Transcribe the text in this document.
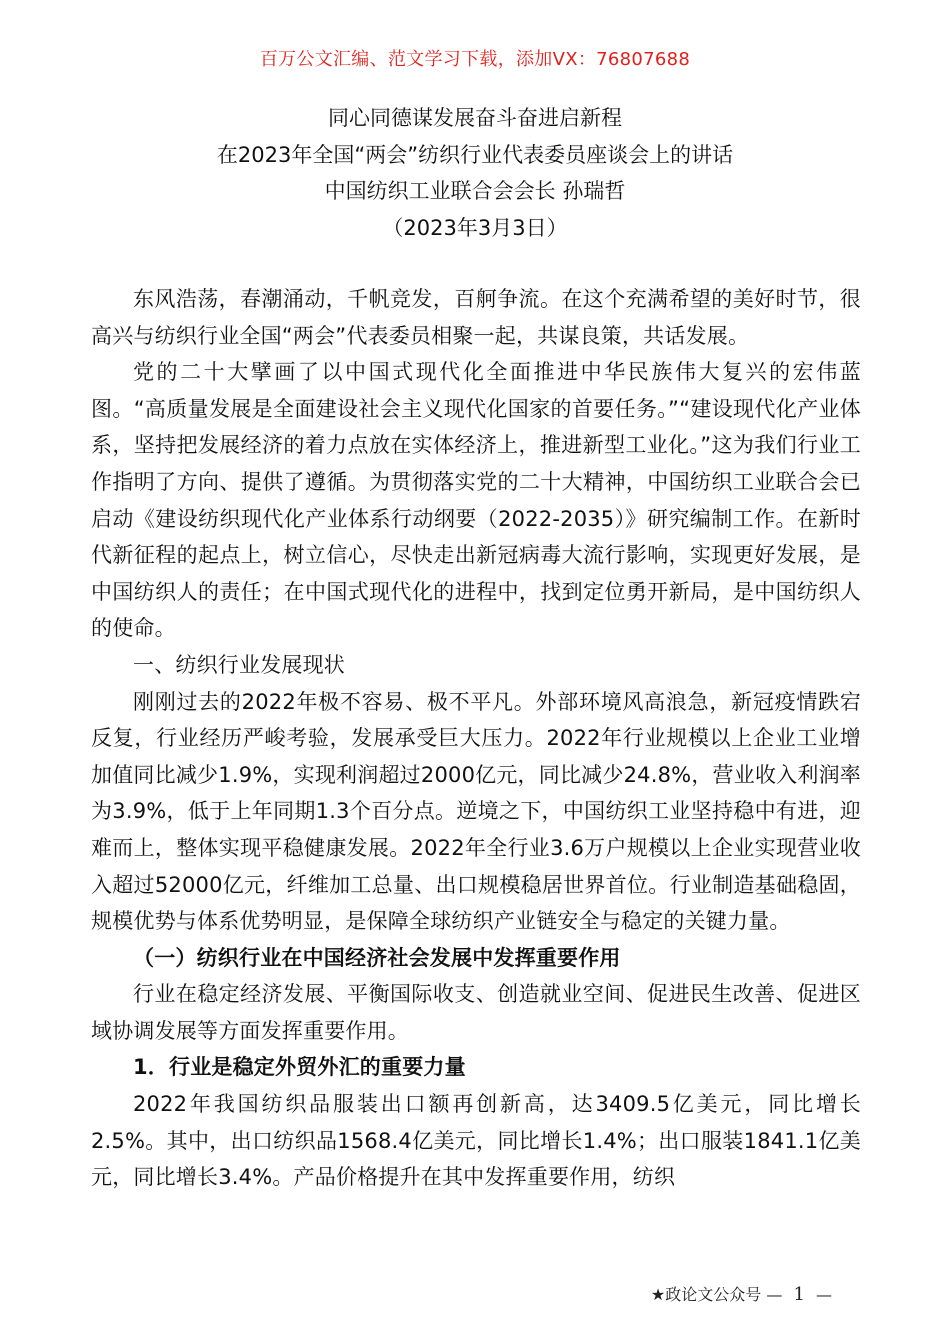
百万公文汇编、范文学习下载，添加VX：76807688
同心同德谋发展奋斗奋进启新程
在2023年全国“两会”纺织行业代表委员座谈会上的讲话
中国纺织工业联合会会长 孙瑞哲
（2023年3月3日）

东风浩荡，春潮涌动，千帆竞发，百舸争流。在这个充满希望的美好时节，很高兴与纺织行业全国“两会”代表委员相聚一起，共谋良策，共话发展。

党的二十大擘画了以中国式现代化全面推进中华民族伟大复兴的宏伟蓝图。“高质量发展是全面建设社会主义现代化国家的首要任务。”“建设现代化产业体系，坚持把发展经济的着力点放在实体经济上，推进新型工业化。”这为我们行业工作指明了方向、提供了遵循。为贯彻落实党的二十大精神，中国纺织工业联合会已启动《建设纺织现代化产业体系行动纲要（2022-2035）》研究编制工作。在新时代新征程的起点上，树立信心，尽快走出新冠病毒大流行影响，实现更好发展，是中国纺织人的责任；在中国式现代化的进程中，找到定位勇开新局，是中国纺织人的使命。

一、纺织行业发展现状

刚刚过去的2022年极不容易、极不平凡。外部环境风高浪急，新冠疫情跌宕反复，行业经历严峻考验，发展承受巨大压力。2022年行业规模以上企业工业增加值同比减少1.9%，实现利润超过2000亿元，同比减少24.8%，营业收入利润率为3.9%，低于上年同期1.3个百分点。逆境之下，中国纺织工业坚持稳中有进，迎难而上，整体实现平稳健康发展。2022年全行业3.6万户规模以上企业实现营业收入超过52000亿元，纤维加工总量、出口规模稳居世界首位。行业制造基础稳固，规模优势与体系优势明显，是保障全球纺织产业链安全与稳定的关键力量。

（一）纺织行业在中国经济社会发展中发挥重要作用

行业在稳定经济发展、平衡国际收支、创造就业空间、促进民生改善、促进区域协调发展等方面发挥重要作用。

1．行业是稳定外贸外汇的重要力量

2022年我国纺织品服装出口额再创新高，达3409.5亿美元，同比增长2.5%。其中，出口纺织品1568.4亿美元，同比增长1.4%；出口服装1841.1亿美元，同比增长3.4%。产品价格提升在其中发挥重要作用，纺织

★政论文公众号 — 1 —
